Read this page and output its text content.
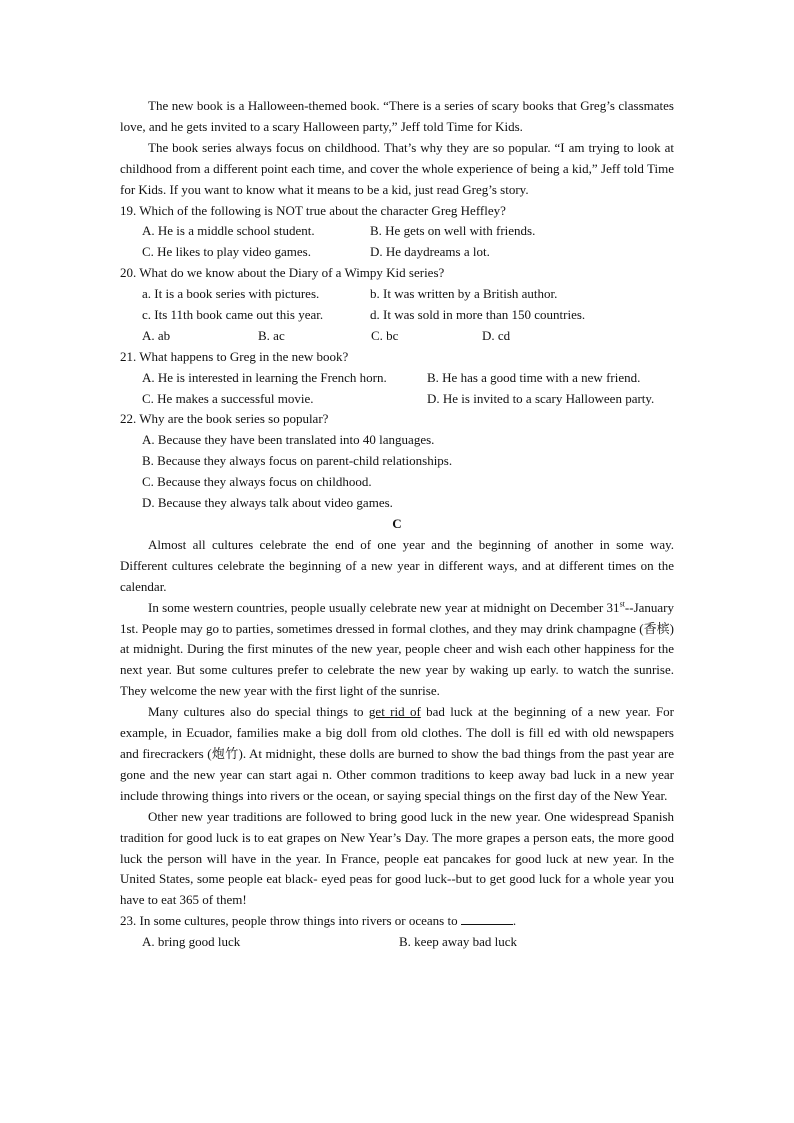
The new book is a Halloween-themed book. “There is a series of scary books that Greg’s classmates love, and he gets invited to a scary Halloween party,” Jeff told Time for Kids.

The book series always focus on childhood. That’s why they are so popular. “I am trying to look at childhood from a different point each time, and cover the whole experience of being a kid,” Jeff told Time for Kids. If you want to know what it means to be a kid, just read Greg’s story.

19. Which of the following is NOT true about the character Greg Heffley?

A. He is a middle school student.	B. He gets on well with friends.
C. He likes to play video games.	D. He daydreams a lot.

20. What do we know about the Diary of a Wimpy Kid series?

a. It is a book series with pictures.	b. It was written by a British author.
c. Its 11th book came out this year.	d. It was sold in more than 150 countries.
A. ab	B. ac	C. bc	D. cd

21. What happens to Greg in the new book?

A. He is interested in learning the French horn.	B. He has a good time with a new friend.
C. He makes a successful movie.	D. He is invited to a scary Halloween party.

22. Why are the book series so popular?

A. Because they have been translated into 40 languages.

B. Because they always focus on parent-child relationships.

C. Because they always focus on childhood.

D. Because they always talk about video games.

C

Almost all cultures celebrate the end of one year and the beginning of another in some way. Different cultures celebrate the beginning of a new year in different ways, and at different times on the calendar.

In some western countries, people usually celebrate new year at midnight on December 31st--January 1st. People may go to parties, sometimes dressed in formal clothes, and they may drink champagne (香槟) at midnight. During the first minutes of the new year, people cheer and wish each other happiness for the next year. But some cultures prefer to celebrate the new year by waking up early. to watch the sunrise. They welcome the new year with the first light of the sunrise.

Many cultures also do special things to get rid of bad luck at the beginning of a new year. For example, in Ecuador, families make a big doll from old clothes. The doll is fill ed with old newspapers and firecrackers (炮竹). At midnight, these dolls are burned to show the bad things from the past year are gone and the new year can start agai n. Other common traditions to keep away bad luck in a new year include throwing things into rivers or the ocean, or saying special things on the first day of the New Year.

Other new year traditions are followed to bring good luck in the new year. One widespread Spanish tradition for good luck is to eat grapes on New Year’s Day. The more grapes a person eats, the more good luck the person will have in the year. In France, people eat pancakes for good luck at new year. In the United States, some people eat black- eyed peas for good luck--but to get good luck for a whole year you have to eat 365 of them!

23. In some cultures, people throw things into rivers or oceans to	.

A. bring good luck	B. keep away bad luck
